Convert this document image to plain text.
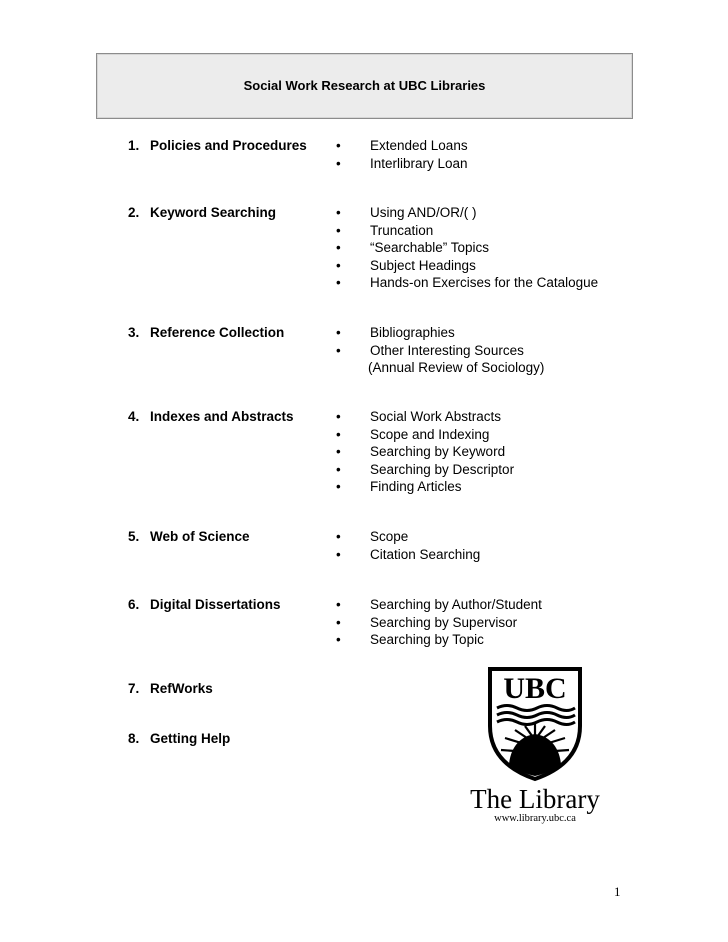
Social Work Research at UBC Libraries
1. Policies and Procedures	• Extended Loans
• Interlibrary Loan
2. Keyword Searching	• Using AND/OR/( )
• Truncation
• “Searchable” Topics
• Subject Headings
• Hands-on Exercises for the Catalogue
3. Reference Collection	• Bibliographies
• Other Interesting Sources
(Annual Review of Sociology)
4. Indexes and Abstracts	• Social Work Abstracts
• Scope and Indexing
• Searching by Keyword
• Searching by Descriptor
• Finding Articles
5. Web of Science	• Scope
• Citation Searching
6. Digital Dissertations	• Searching by Author/Student
• Searching by Supervisor
• Searching by Topic
7. RefWorks
8. Getting Help
UBC
The Library
www.library.ubc.ca
1
